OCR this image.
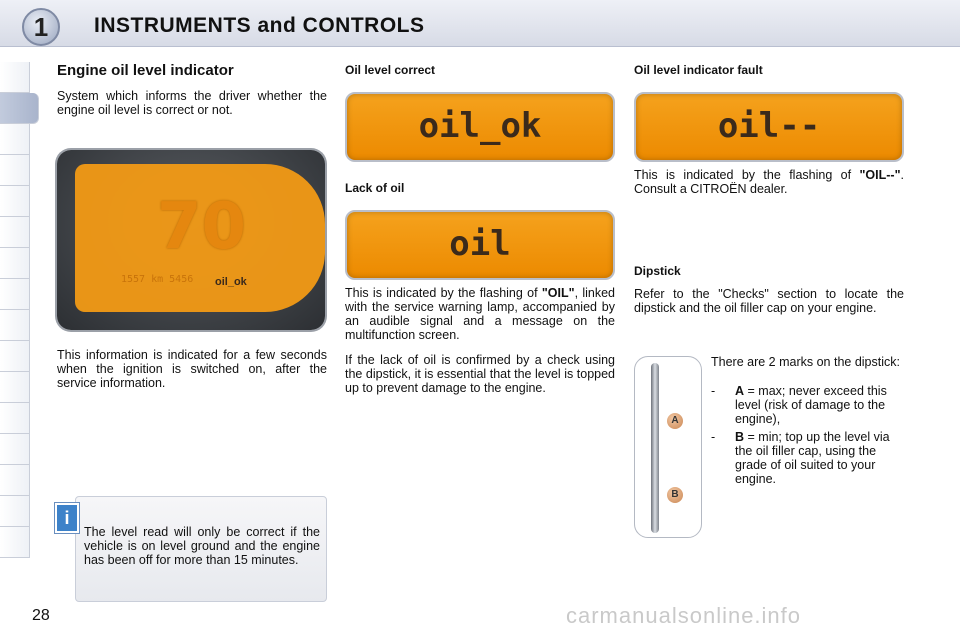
1	INSTRUMENTS and CONTROLS
Engine oil level indicator
System which informs the driver whether the engine oil level is correct or not.
70
1557 km 5456 oil_ok
This information is indicated for a few seconds when the ignition is switched on, after the service information.
The level read will only be correct if the vehicle is on level ground and the engine has been off for more than 15 minutes.
i
Oil level correct
oil_ok
Lack of oil
oil
This is indicated by the flashing of "OIL", linked with the service warning lamp, accompanied by an audible signal and a message on the multifunction screen.
If the lack of oil is confirmed by a check using the dipstick, it is essential that the level is topped up to prevent damage to the engine.
Oil level indicator fault
oil--
This is indicated by the flashing of "OIL--". Consult a CITROËN dealer.
Dipstick
Refer to the "Checks" section to locate the dipstick and the oil filler cap on your engine.
A
B
There are 2 marks on the dipstick:
- A = max; never exceed this level (risk of damage to the engine),
- B = min; top up the level via the oil filler cap, using the grade of oil suited to your engine.
28	carmanualsonline.info
